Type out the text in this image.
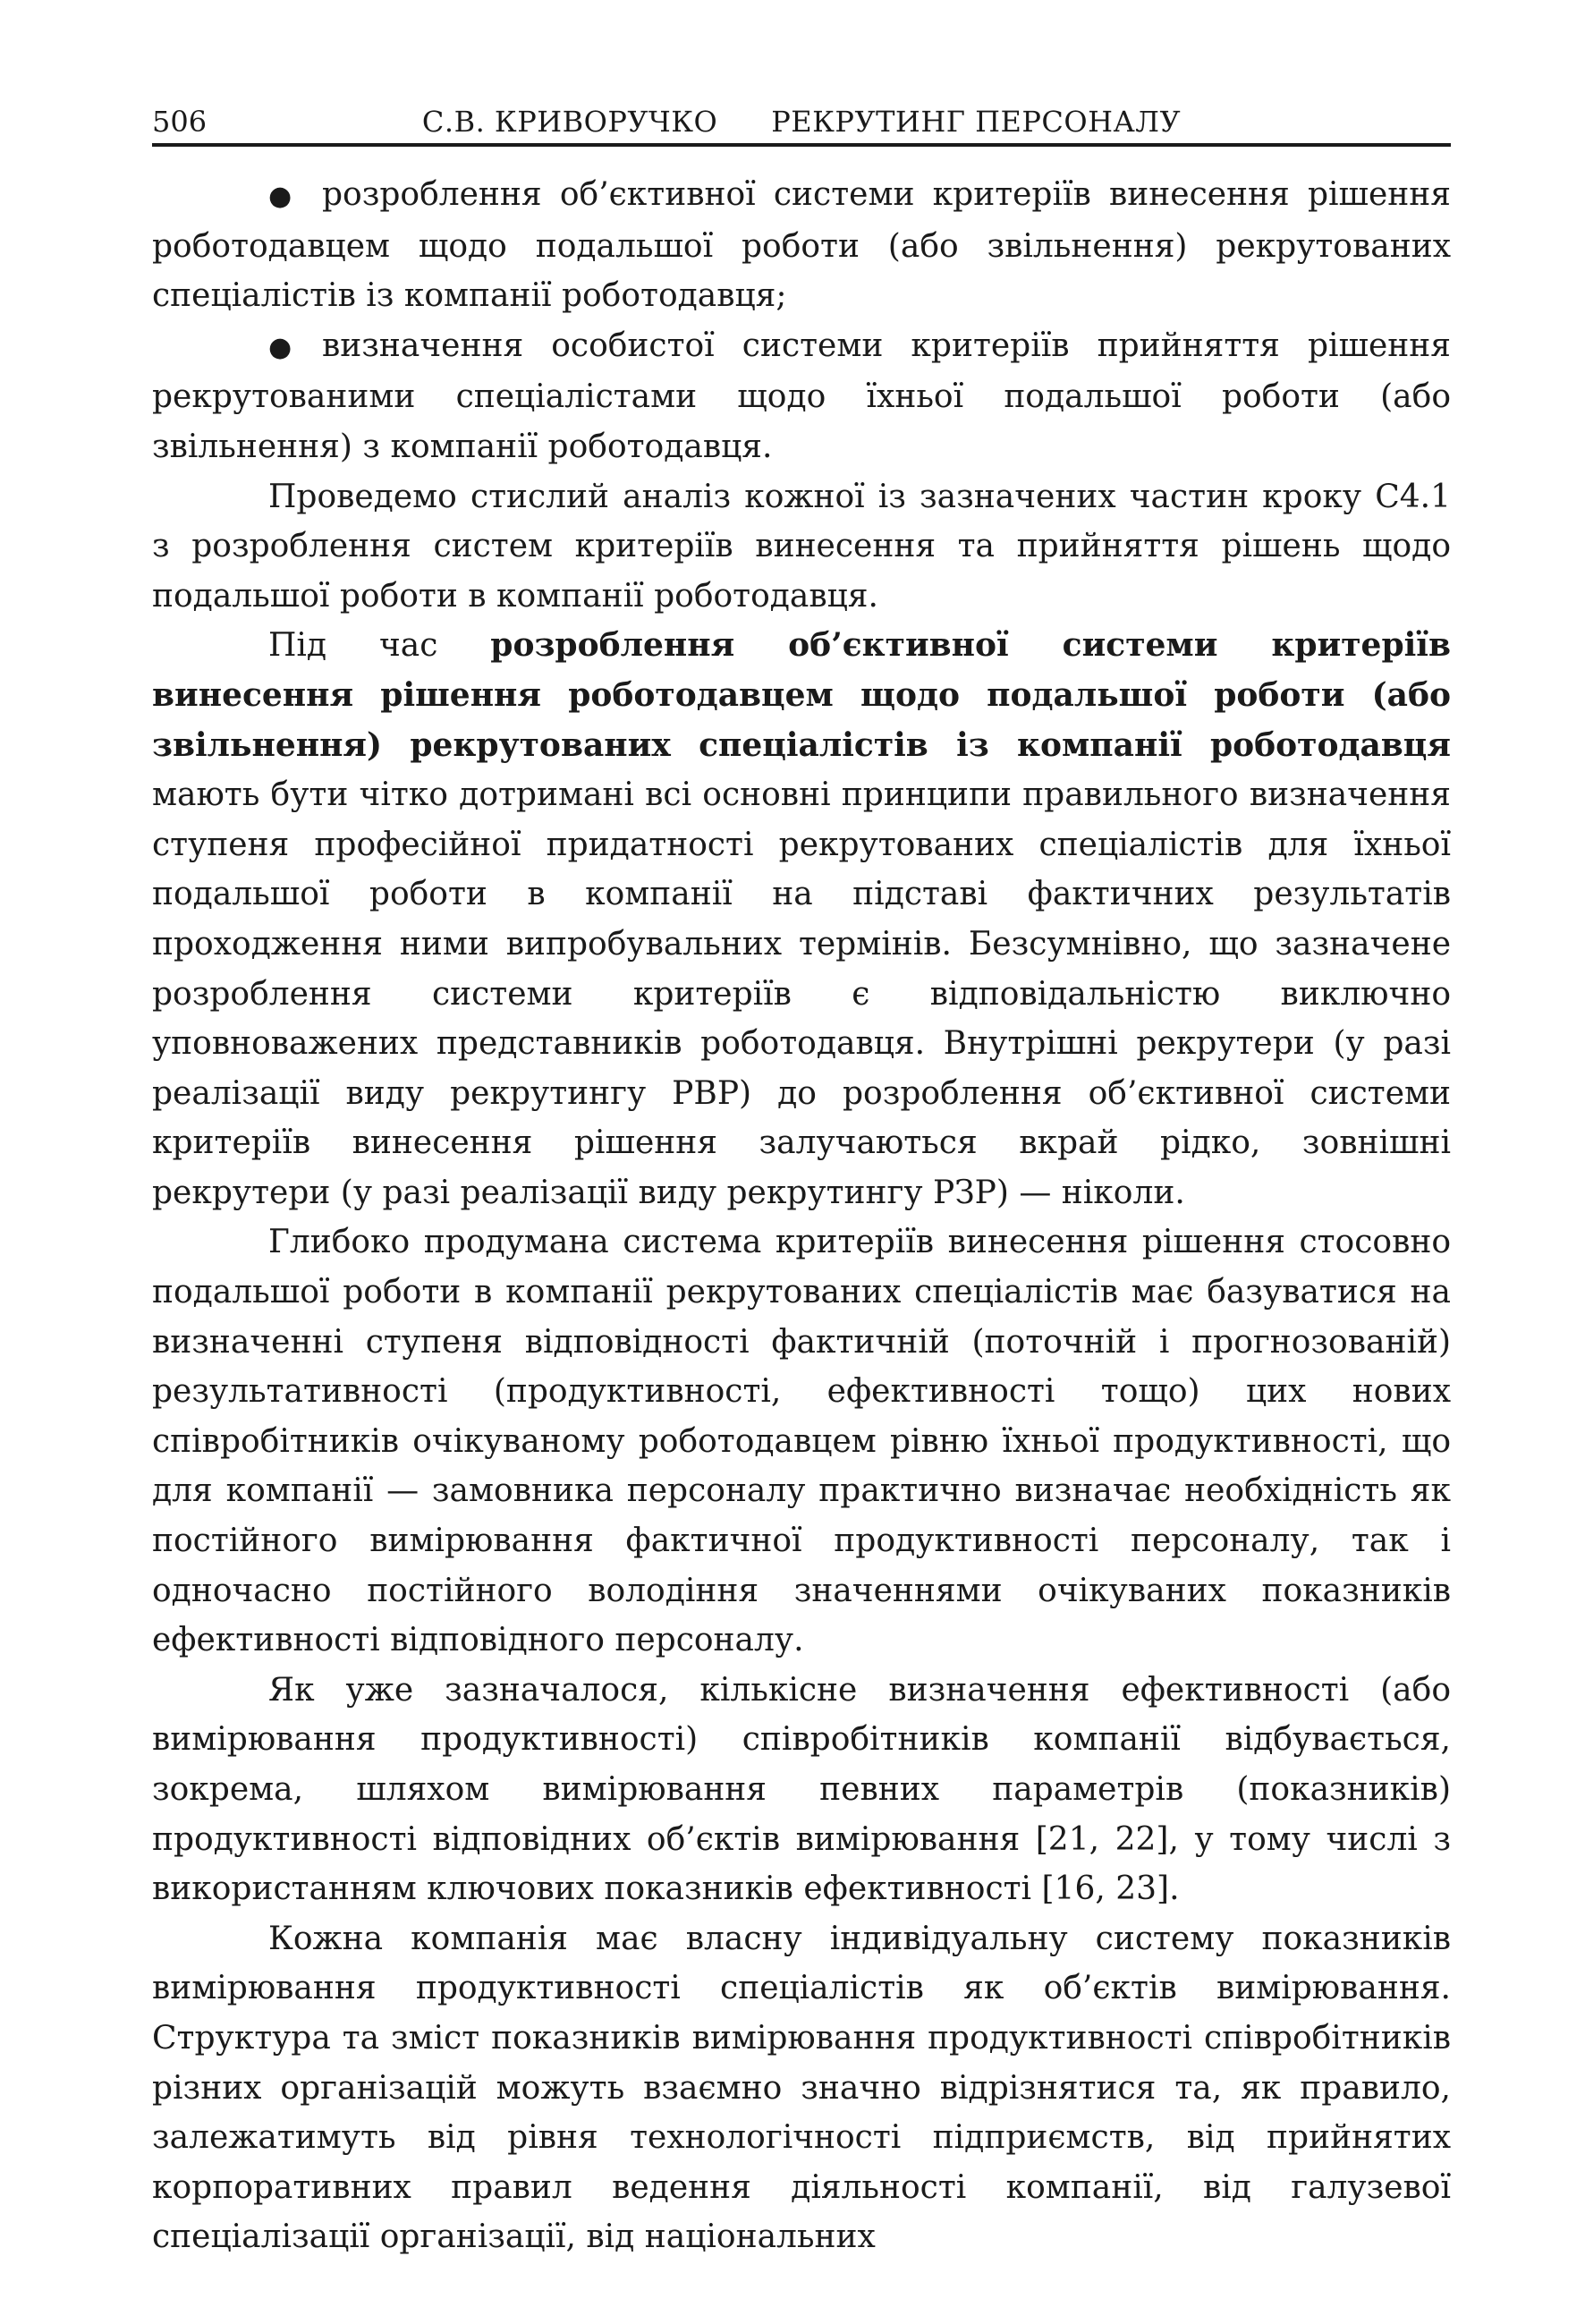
506	С.В. КРИВОРУЧКО РЕКРУТИНГ ПЕРСОНАЛУ

● розроблення об’єктивної системи критеріїв винесення рішення роботодавцем щодо подальшої роботи (або звільнення) рекрутованих спеціалістів із компанії роботодавця;

● визначення особистої системи критеріїв прийняття рішення рекрутованими спеціалістами щодо їхньої подальшої роботи (або звільнення) з компанії роботодавця.

Проведемо стислий аналіз кожної із зазначених частин кроку С4.1 з розроблення систем критеріїв винесення та прийняття рішень щодо подальшої роботи в компанії роботодавця.

Під час розроблення об’єктивної системи критеріїв винесення рішення роботодавцем щодо подальшої роботи (або звільнення) рекрутованих спеціалістів із компанії роботодавця мають бути чітко дотримані всі основні принципи правильного визначення ступеня професійної придатності рекрутованих спеціалістів для їхньої подальшої роботи в компанії на підставі фактичних результатів проходження ними випробувальних термінів. Безсумнівно, що зазначене розроблення системи критеріїв є відповідальністю виключно уповноважених представників роботодавця. Внутрішні рекрутери (у разі реалізації виду рекрутингу РВР) до розроблення об’єктивної системи критеріїв винесення рішення залучаються вкрай рідко, зовнішні рекрутери (у разі реалізації виду рекрутингу РЗР) — ніколи.

Глибоко продумана система критеріїв винесення рішення стосовно подальшої роботи в компанії рекрутованих спеціалістів має базуватися на визначенні ступеня відповідності фактичній (поточній і прогнозованій) результативності (продуктивності, ефективності тощо) цих нових співробітників очікуваному роботодавцем рівню їхньої продуктивності, що для компанії — замовника персоналу практично визначає необхідність як постійного вимірювання фактичної продуктивності персоналу, так і одночасно постійного володіння значеннями очікуваних показників ефективності відповідного персоналу.

Як уже зазначалося, кількісне визначення ефективності (або вимірювання продуктивності) співробітників компанії відбувається, зокрема, шляхом вимірювання певних параметрів (показників) продуктивності відповідних об’єктів вимірювання [21, 22], у тому числі з використанням ключових показників ефективності [16, 23].

Кожна компанія має власну індивідуальну систему показників вимірювання продуктивності спеціалістів як об’єктів вимірювання. Структура та зміст показників вимірювання продуктивності співробітників різних організацій можуть взаємно значно відрізнятися та, як правило, залежатимуть від рівня технологічності підприємств, від прийнятих корпоративних правил ведення діяльності компанії, від галузевої спеціалізації організації, від національних
